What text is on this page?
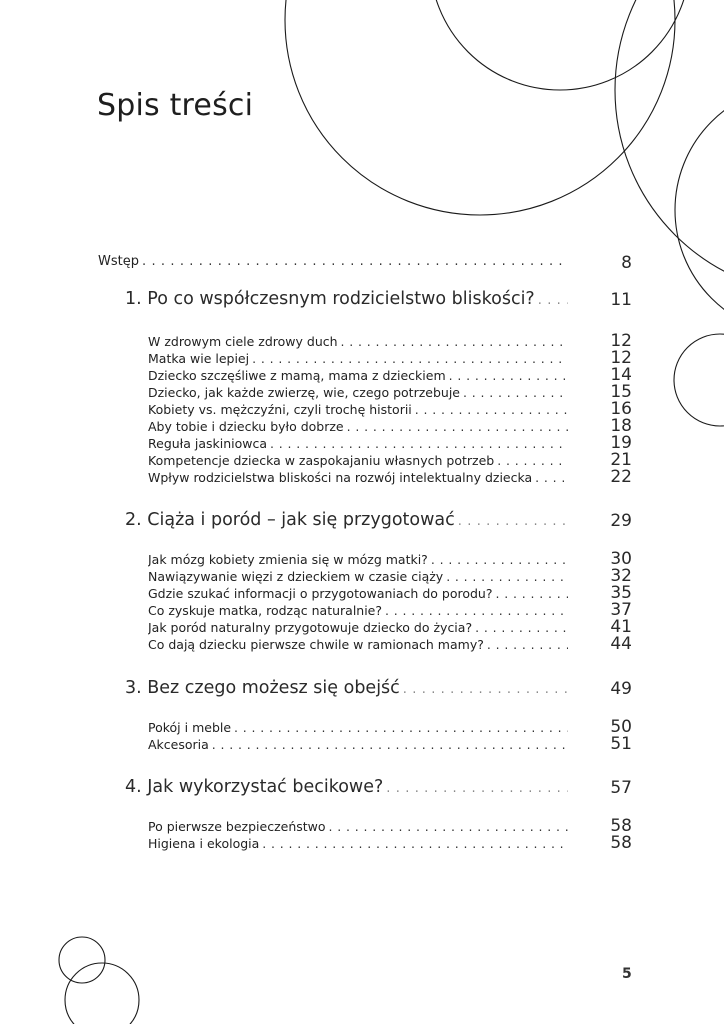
Spis treści
Wstęp . . .	8
1. Po co współczesnym rodzicielstwo bliskości? . . .	11
W zdrowym ciele zdrowy duch . . .	12
Matka wie lepiej . . .	12
Dziecko szczęśliwe z mamą, mama z dzieckiem . . .	14
Dziecko, jak każde zwierzę, wie, czego potrzebuje . . .	15
Kobiety vs. mężczyźni, czyli trochę historii . . .	16
Aby tobie i dziecku było dobrze . . .	18
Reguła jaskiniowca . . .	19
Kompetencje dziecka w zaspokajaniu własnych potrzeb . . .	21
Wpływ rodzicielstwa bliskości na rozwój intelektualny dziecka . . .	22
2. Ciąża i poród – jak się przygotować . . .	29
Jak mózg kobiety zmienia się w mózg matki? . . .	30
Nawiązywanie więzi z dzieckiem w czasie ciąży . . .	32
Gdzie szukać informacji o przygotowaniach do porodu? . . .	35
Co zyskuje matka, rodząc naturalnie? . . .	37
Jak poród naturalny przygotowuje dziecko do życia? . . .	41
Co dają dziecku pierwsze chwile w ramionach mamy? . . .	44
3. Bez czego możesz się obejść . . .	49
Pokój i meble . . .	50
Akcesoria . . .	51
4. Jak wykorzystać becikowe? . . .	57
Po pierwsze bezpieczeństwo . . .	58
Higiena i ekologia . . .	58
5
